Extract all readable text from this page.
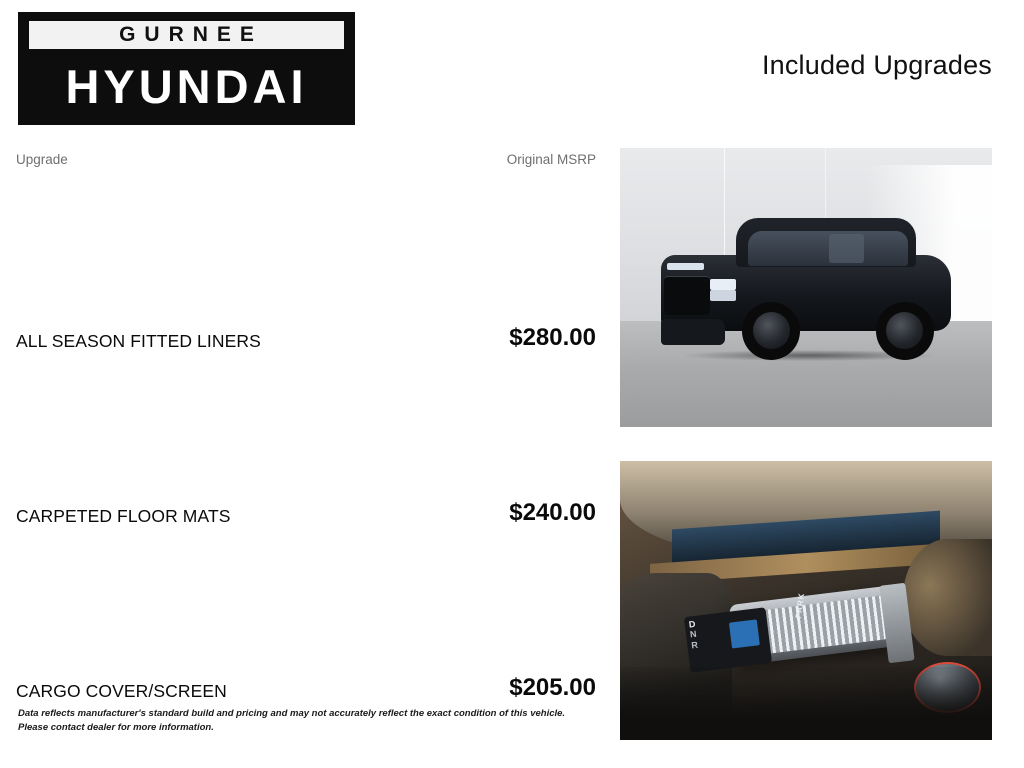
GURNEE
HYUNDAI	Included Upgrades
Upgrade	Original MSRP
ALL SEASON FITTED LINERS	$280.00
CARPETED FLOOR MATS	$240.00
CARGO COVER/SCREEN	$205.00
Data reflects manufacturer's standard build and pricing and may not accurately reflect the exact condition of this vehicle.
Please contact dealer for more information.
D
N
R
PARK
